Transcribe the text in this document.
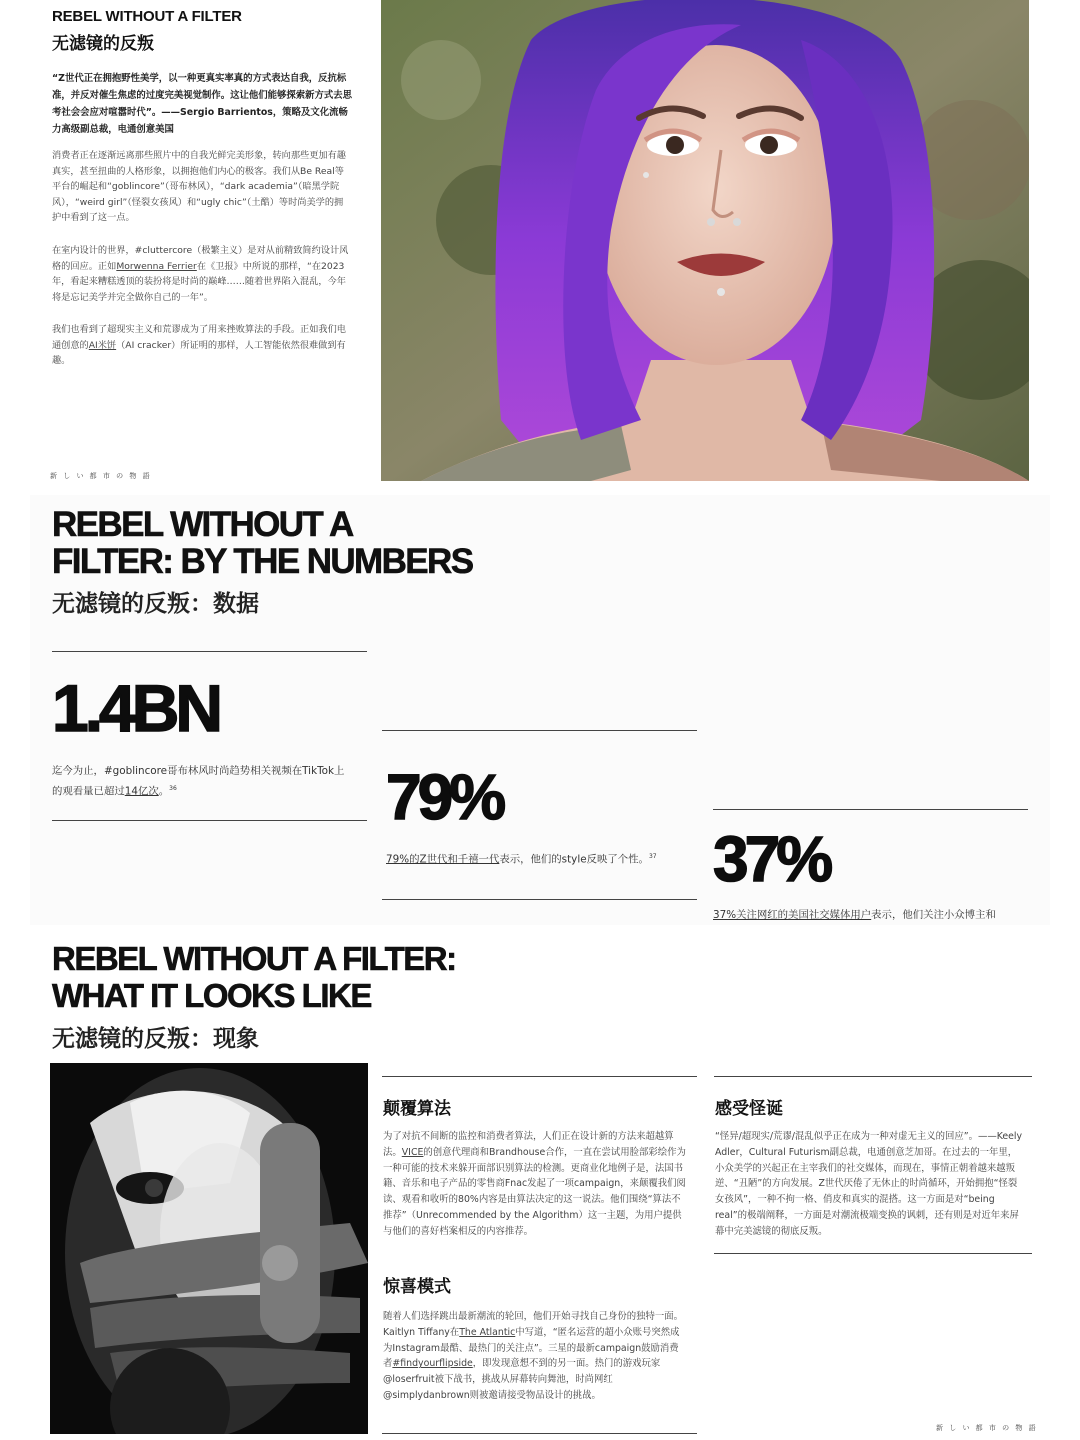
REBEL WITHOUT A FILTER
无滤镜的反叛
“Z世代正在拥抱野性美学，以一种更真实率真的方式表达自我，反抗标准，并反对催生焦虑的过度完美视觉制作。这让他们能够探索新方式去思考社会会应对喧嚣时代”。——Sergio Barrientos，策略及文化流畅力高级副总裁，电通创意美国
消费者正在逐渐远离那些照片中的自我光鲜完美形象，转向那些更加有趣真实，甚至扭曲的人格形象，以拥抱他们内心的极客。我们从Be Real等平台的崛起和“goblincore”（哥布林风），“dark academia”（暗黑学院风），“weird girl”（怪裂女孩风）和“ugly chic”（土酷）等时尚美学的拥护中看到了这一点。
在室内设计的世界，#cluttercore（极繁主义）是对从前精致简约设计风格的回应。正如Morwenna Ferrier在《卫报》中所说的那样，“在2023年，看起来糟糕透顶的装扮将是时尚的巅峰……随着世界陷入混乱，今年将是忘记美学并完全做你自己的一年”。
我们也看到了超现实主义和荒谬成为了用来挫败算法的手段。正如我们电通创意的AI米饼（AI cracker）所证明的那样，人工智能依然很难做到有趣。
新 し い 都 市 の 物 語
REBEL WITHOUT A
FILTER: BY THE NUMBERS
无滤镜的反叛：数据
1.4BN
迄今为止，#goblincore哥布林风时尚趋势相关视频在TikTok上的观看量已超过14亿次。$^{36}$	79%
79%的Z世代和千禧一代表示，他们的style反映了个性。$^{37}$ 37%
37%关注网红的美国社交媒体用户表示，他们关注小众博主和
REBEL WITHOUT A FILTER:
WHAT IT LOOKS LIKE
无滤镜的反叛：现象
颠覆算法
为了对抗不间断的监控和消费者算法，人们正在设计新的方法来超越算法。VICE的创意代理商和Brandhouse合作，一直在尝试用脸部彩绘作为一种可能的技术来躲开面部识别算法的检测。更商业化地例子是，法国书籍、音乐和电子产品的零售商Fnac发起了一项campaign，来颠覆我们阅读、观看和收听的80%内容是由算法决定的这一说法。他们围绕“算法不推荐”（Unrecommended by the Algorithm）这一主题，为用户提供与他们的喜好档案相反的内容推荐。
惊喜模式
随着人们选择跳出最新潮流的轮回，他们开始寻找自己身份的独特一面。Kaitlyn Tiffany在The Atlantic中写道，“匿名运营的超小众账号突然成为Instagram最酷、最热门的关注点”。三星的最新campaign鼓励消费者#findyourflipside，即发现意想不到的另一面。热门的游戏玩家@loserfruit被下战书，挑战从屏幕转向舞池，时尚网红@simplydanbrown则被邀请接受物品设计的挑战。
感受怪诞
“怪异/超现实/荒谬/混乱似乎正在成为一种对虚无主义的回应”。——Keely Adler，Cultural Futurism副总裁，电通创意芝加哥。在过去的一年里，小众美学的兴起正在主宰我们的社交媒体，而现在，事情正朝着越来越叛逆、“丑陋”的方向发展。Z世代厌倦了无休止的时尚循环，开始拥抱“怪裂女孩风”，一种不拘一格、俏皮和真实的混搭。这一方面是对“being real”的极端阐释，一方面是对潮流极端变换的讽刺，还有则是对近年来屏幕中完美滤镜的彻底反叛。
新 し い 都 市 の 物 語
